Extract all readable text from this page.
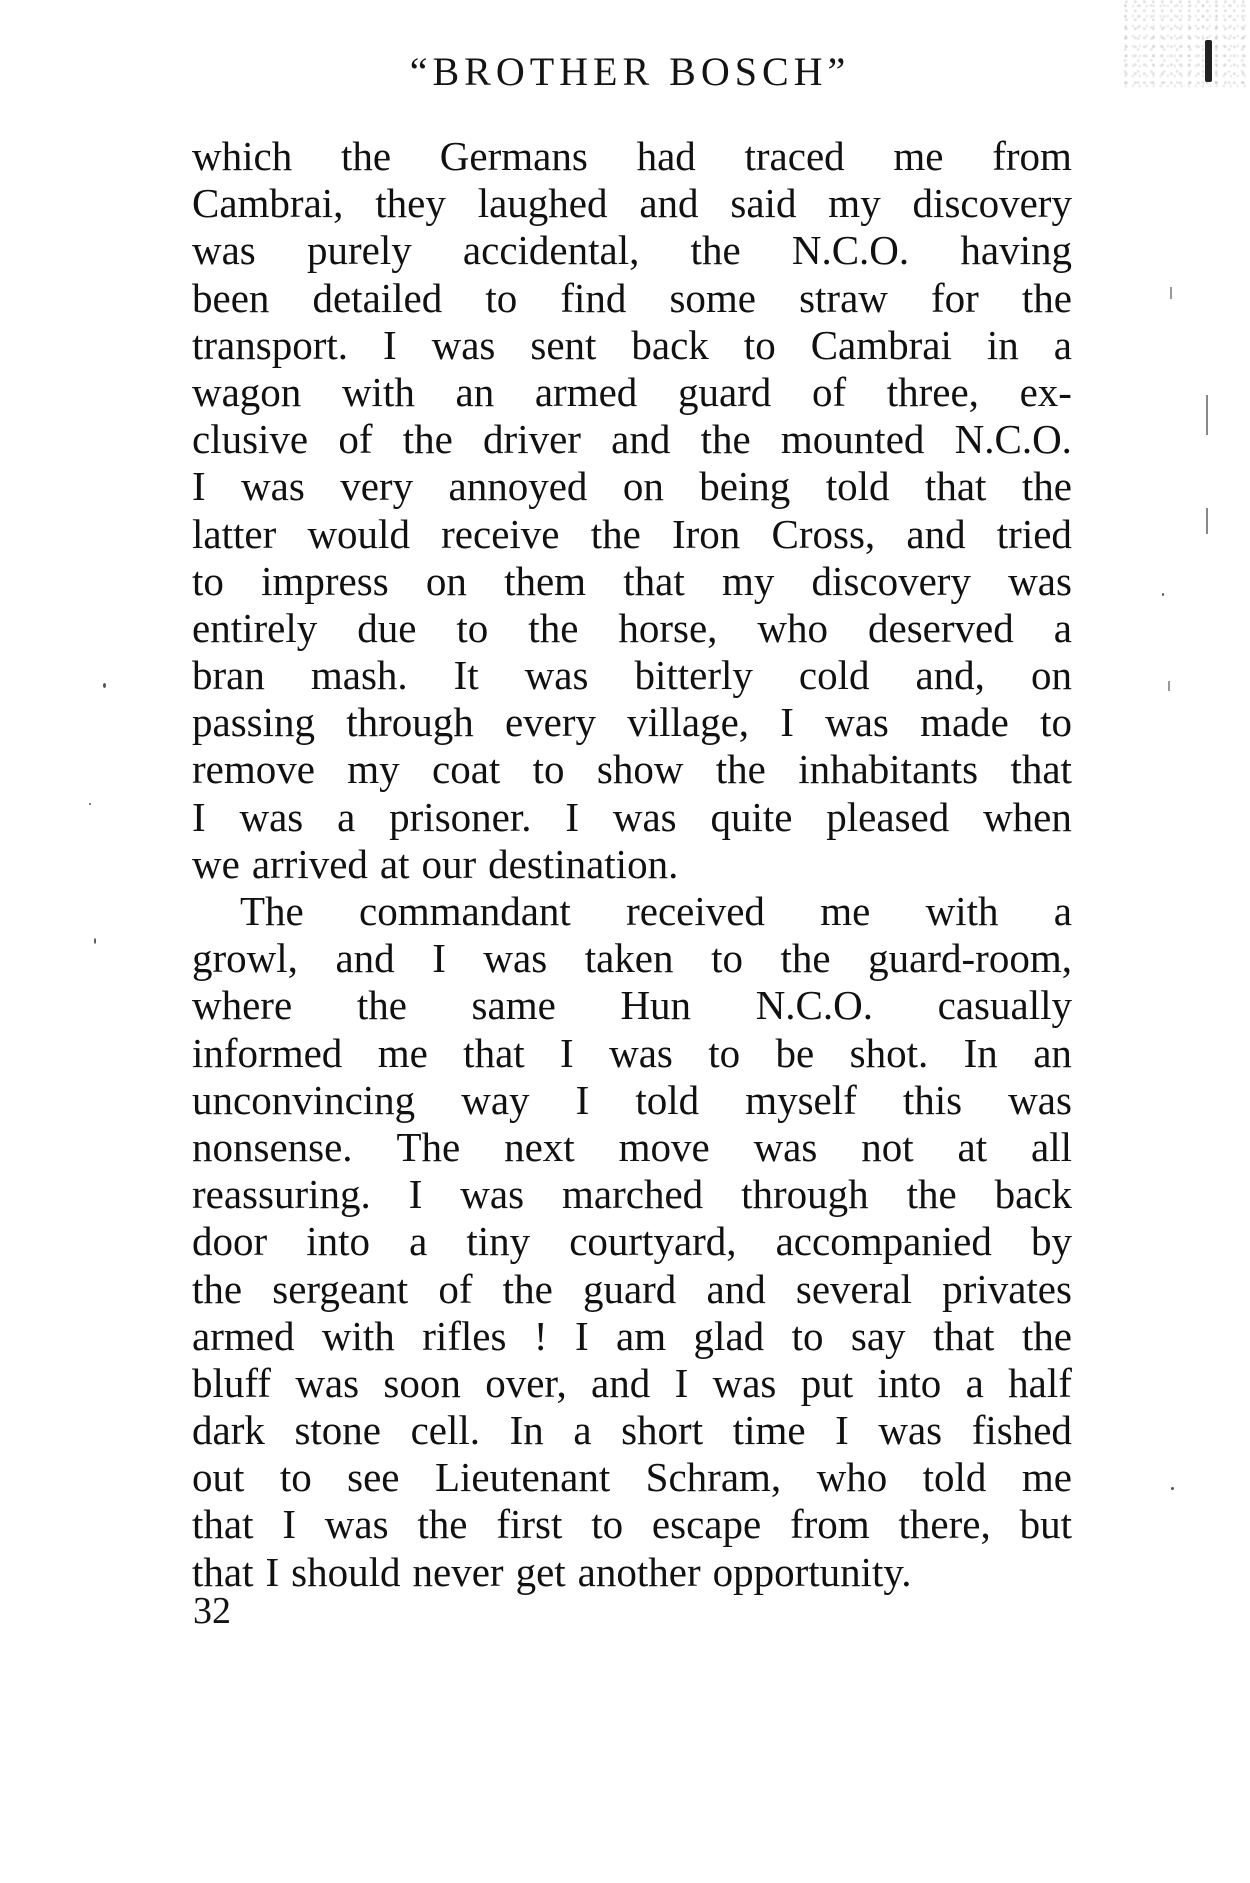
“BROTHER BOSCH”
which the Germans had traced me from
Cambrai, they laughed and said my discovery
was purely accidental, the N.C.O. having
been detailed to find some straw for the
transport. I was sent back to Cambrai in a
wagon with an armed guard of three, ex-
clusive of the driver and the mounted N.C.O.
I was very annoyed on being told that the
latter would receive the Iron Cross, and tried
to impress on them that my discovery was
entirely due to the horse, who deserved a
bran mash. It was bitterly cold and, on
passing through every village, I was made to
remove my coat to show the inhabitants that
I was a prisoner. I was quite pleased when
we arrived at our destination.
The commandant received me with a
growl, and I was taken to the guard-room,
where the same Hun N.C.O. casually
informed me that I was to be shot. In an
unconvincing way I told myself this was
nonsense. The next move was not at all
reassuring. I was marched through the back
door into a tiny courtyard, accompanied by
the sergeant of the guard and several privates
armed with rifles ! I am glad to say that the
bluff was soon over, and I was put into a half
dark stone cell. In a short time I was fished
out to see Lieutenant Schram, who told me
that I was the first to escape from there, but
that I should never get another opportunity.
32
